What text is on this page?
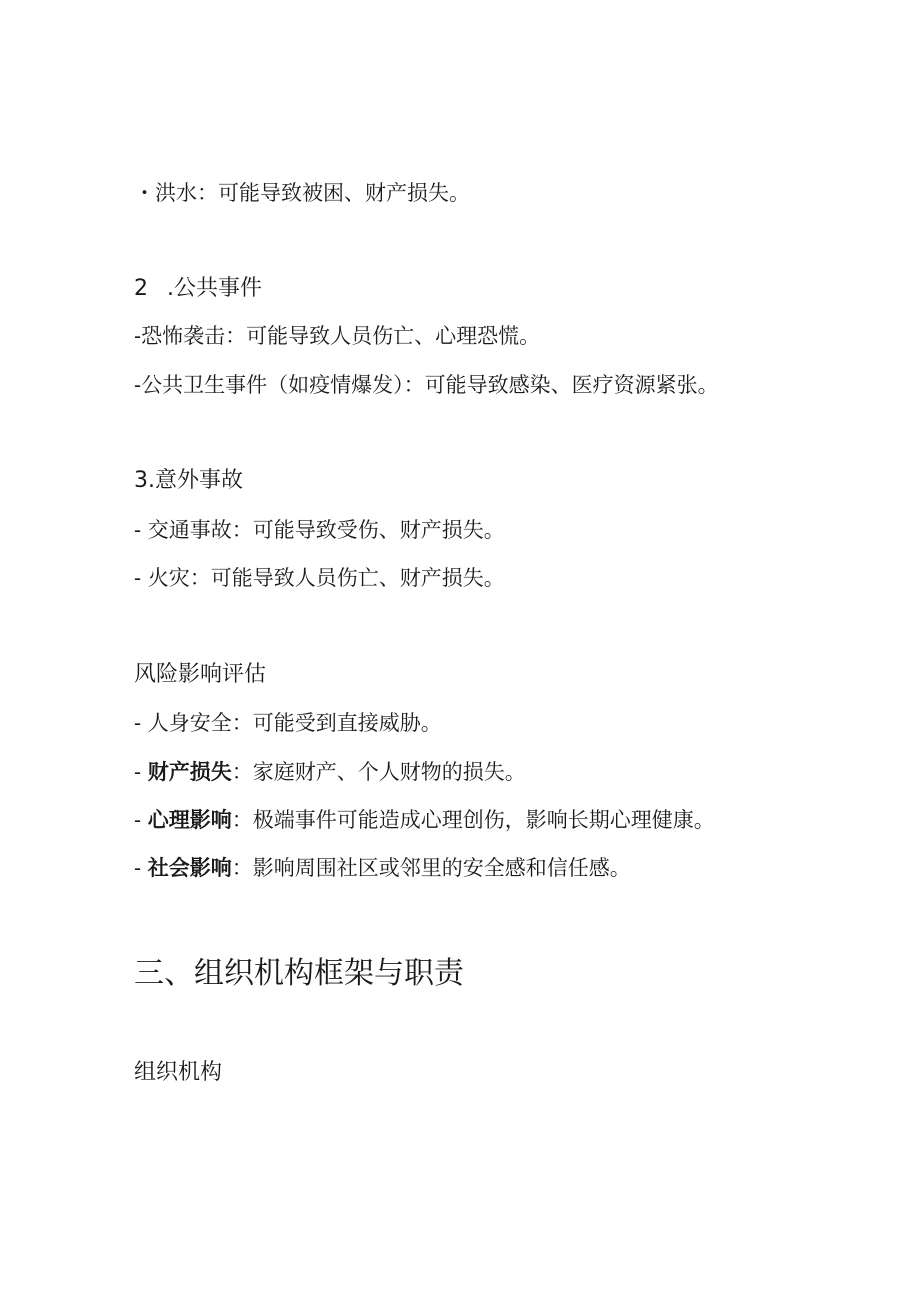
・洪水：可能导致被困、财产损失。
2 .公共事件
-恐怖袭击：可能导致人员伤亡、心理恐慌。
-公共卫生事件（如疫情爆发）：可能导致感染、医疗资源紧张。
3.意外事故
- 交通事故：可能导致受伤、财产损失。
- 火灾：可能导致人员伤亡、财产损失。
风险影响评估
- 人身安全：可能受到直接威胁。
- 财产损失：家庭财产、个人财物的损失。
- 心理影响：极端事件可能造成心理创伤，影响长期心理健康。
- 社会影响：影响周围社区或邻里的安全感和信任感。
三、组织机构框架与职责
组织机构
